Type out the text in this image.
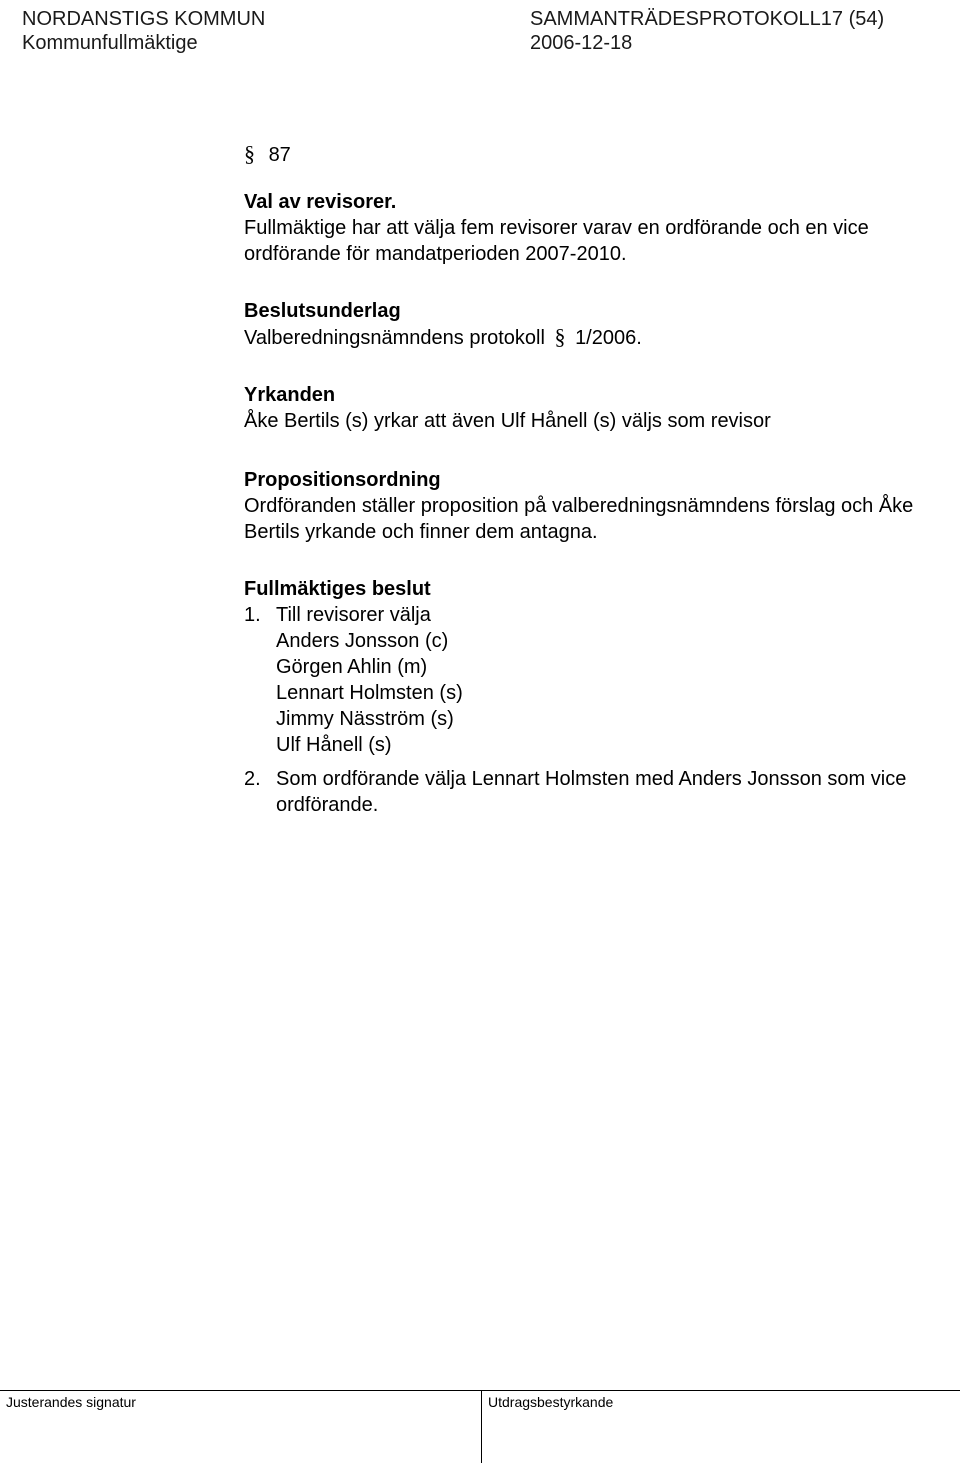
NORDANSTIGS KOMMUN	SAMMANTRÄDESPROTOKOLL17 (54)
Kommunfullmäktige	2006-12-18
§ 87
Val av revisorer.
Fullmäktige har att välja fem revisorer varav en ordförande och en vice ordförande för mandatperioden 2007-2010.
Beslutsunderlag
Valberedningsnämndens protokoll § 1/2006.
Yrkanden
Åke Bertils (s) yrkar att även Ulf Hånell (s) väljs som revisor
Propositionsordning
Ordföranden ställer proposition på valberedningsnämndens förslag och Åke Bertils yrkande och finner dem antagna.
Fullmäktiges beslut
1. Till revisorer välja
Anders Jonsson (c)
Görgen Ahlin (m)
Lennart Holmsten (s)
Jimmy Näsström (s)
Ulf Hånell (s)
2. Som ordförande välja Lennart Holmsten med Anders Jonsson som vice ordförande.
Justerandes signatur	Utdragsbestyrkande
